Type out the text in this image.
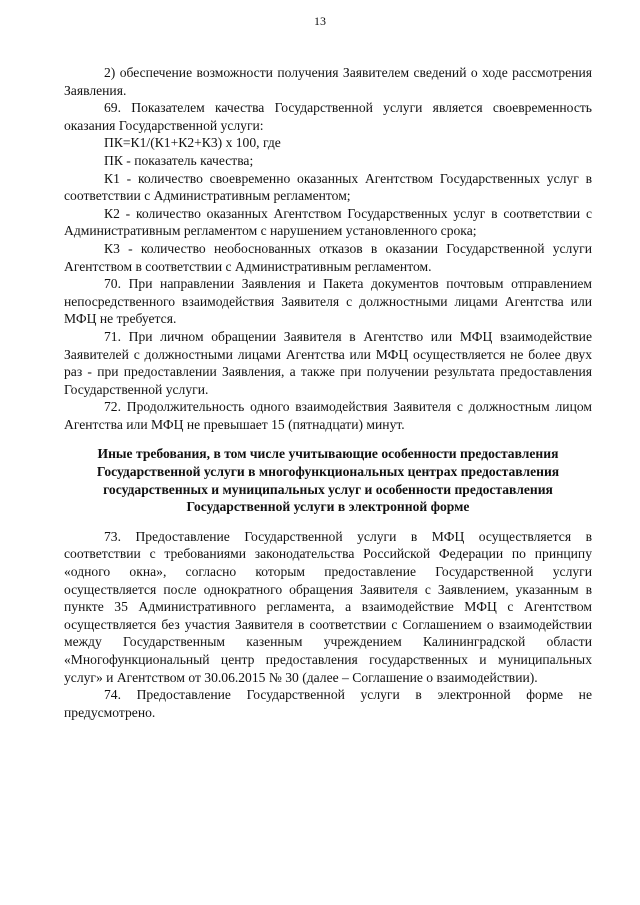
13

2) обеспечение возможности получения Заявителем сведений о ходе рассмотрения Заявления.

69. Показателем качества Государственной услуги является своевременность оказания Государственной услуги:

ПК=К1/(К1+К2+К3) х 100, где

ПК - показатель качества;

К1 - количество своевременно оказанных Агентством Государственных услуг в соответствии с Административным регламентом;

К2 - количество оказанных Агентством Государственных услуг в соответствии с Административным регламентом с нарушением установленного срока;

К3 - количество необоснованных отказов в оказании Государственной услуги Агентством в соответствии с Административным регламентом.

70. При направлении Заявления и Пакета документов почтовым отправлением непосредственного взаимодействия Заявителя с должностными лицами Агентства или МФЦ не требуется.

71. При личном обращении Заявителя в Агентство или МФЦ взаимодействие Заявителей с должностными лицами Агентства или МФЦ осуществляется не более двух раз - при предоставлении Заявления, а также при получении результата предоставления Государственной услуги.

72. Продолжительность одного взаимодействия Заявителя с должностным лицом Агентства или МФЦ не превышает 15 (пятнадцати) минут.

Иные требования, в том числе учитывающие особенности предоставления Государственной услуги в многофункциональных центрах предоставления государственных и муниципальных услуг и особенности предоставления Государственной услуги в электронной форме

73. Предоставление Государственной услуги в МФЦ осуществляется в соответствии с требованиями законодательства Российской Федерации по принципу «одного окна», согласно которым предоставление Государственной услуги осуществляется после однократного обращения Заявителя с Заявлением, указанным в пункте 35 Административного регламента, а взаимодействие МФЦ с Агентством осуществляется без участия Заявителя в соответствии с Соглашением о взаимодействии между Государственным казенным учреждением Калининградской области «Многофункциональный центр предоставления государственных и муниципальных услуг» и Агентством от 30.06.2015 № 30 (далее – Соглашение о взаимодействии).

74. Предоставление Государственной услуги в электронной форме не предусмотрено.
